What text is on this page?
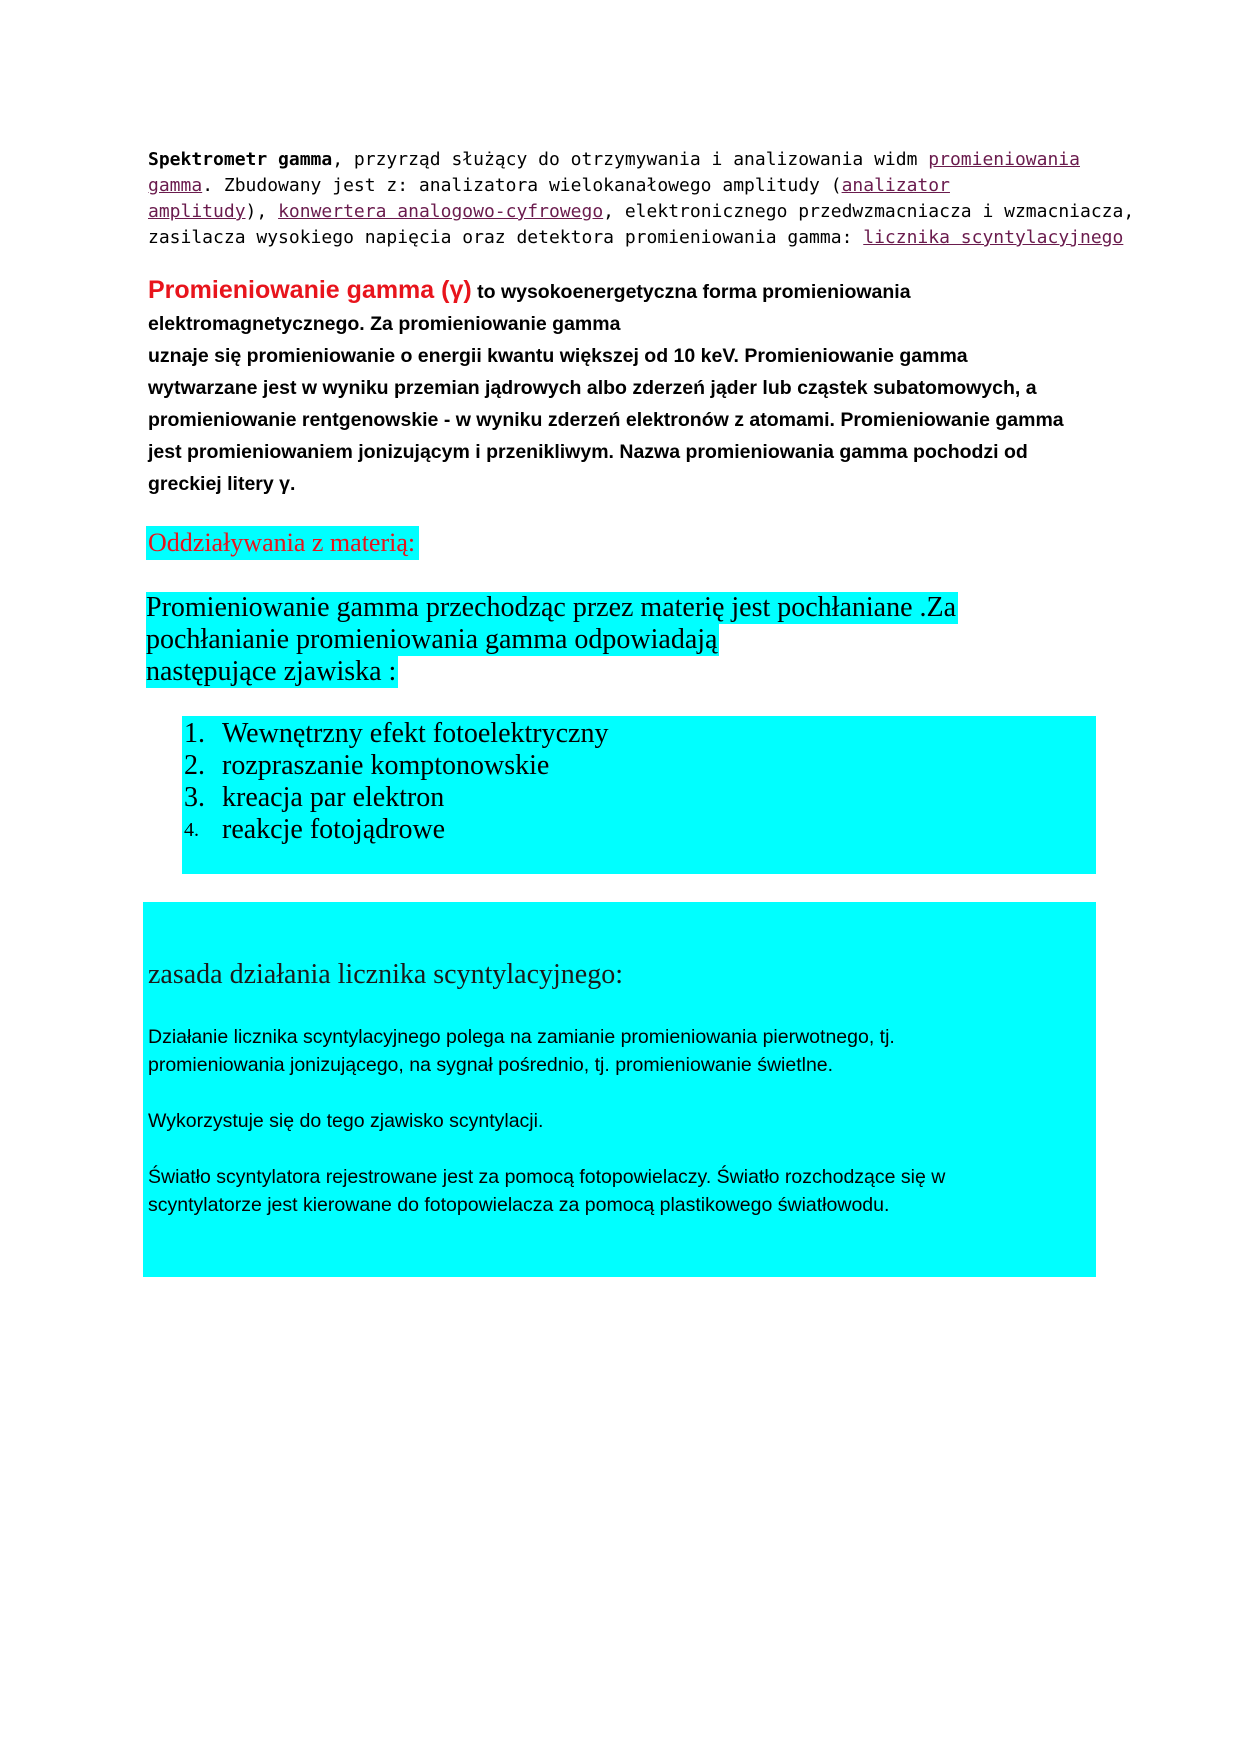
Spektrometr gamma, przyrząd służący do otrzymywania i analizowania widm promieniowania
gamma. Zbudowany jest z: analizatora wielokanałowego amplitudy (analizator
amplitudy), konwertera analogowo-cyfrowego, elektronicznego przedwzmacniacza i wzmacniacza,
zasilacza wysokiego napięcia oraz detektora promieniowania gamma: licznika scyntylacyjnego
Promieniowanie gamma (γ) to wysokoenergetyczna forma promieniowania
elektromagnetycznego. Za promieniowanie gamma
uznaje się promieniowanie o energii kwantu większej od 10 keV. Promieniowanie gamma
wytwarzane jest w wyniku przemian jądrowych albo zderzeń jąder lub cząstek subatomowych, a
promieniowanie rentgenowskie - w wyniku zderzeń elektronów z atomami. Promieniowanie gamma
jest promieniowaniem jonizującym i przenikliwym. Nazwa promieniowania gamma pochodzi od
greckiej litery γ.
Oddziaływania z materią:
Promieniowanie gamma przechodząc przez materię jest pochłaniane .Za
pochłanianie promieniowania gamma odpowiadają
następujące zjawiska :
1. Wewnętrzny efekt fotoelektryczny
2. rozpraszanie komptonowskie
3. kreacja par elektron
4. reakcje fotojądrowe
zasada działania licznika scyntylacyjnego:
Działanie licznika scyntylacyjnego polega na zamianie promieniowania pierwotnego, tj.
promieniowania jonizującego, na sygnał pośrednio, tj. promieniowanie świetlne.
Wykorzystuje się do tego zjawisko scyntylacji.
Światło scyntylatora rejestrowane jest za pomocą fotopowielaczy. Światło rozchodzące się w
scyntylatorze jest kierowane do fotopowielacza za pomocą plastikowego światłowodu.
